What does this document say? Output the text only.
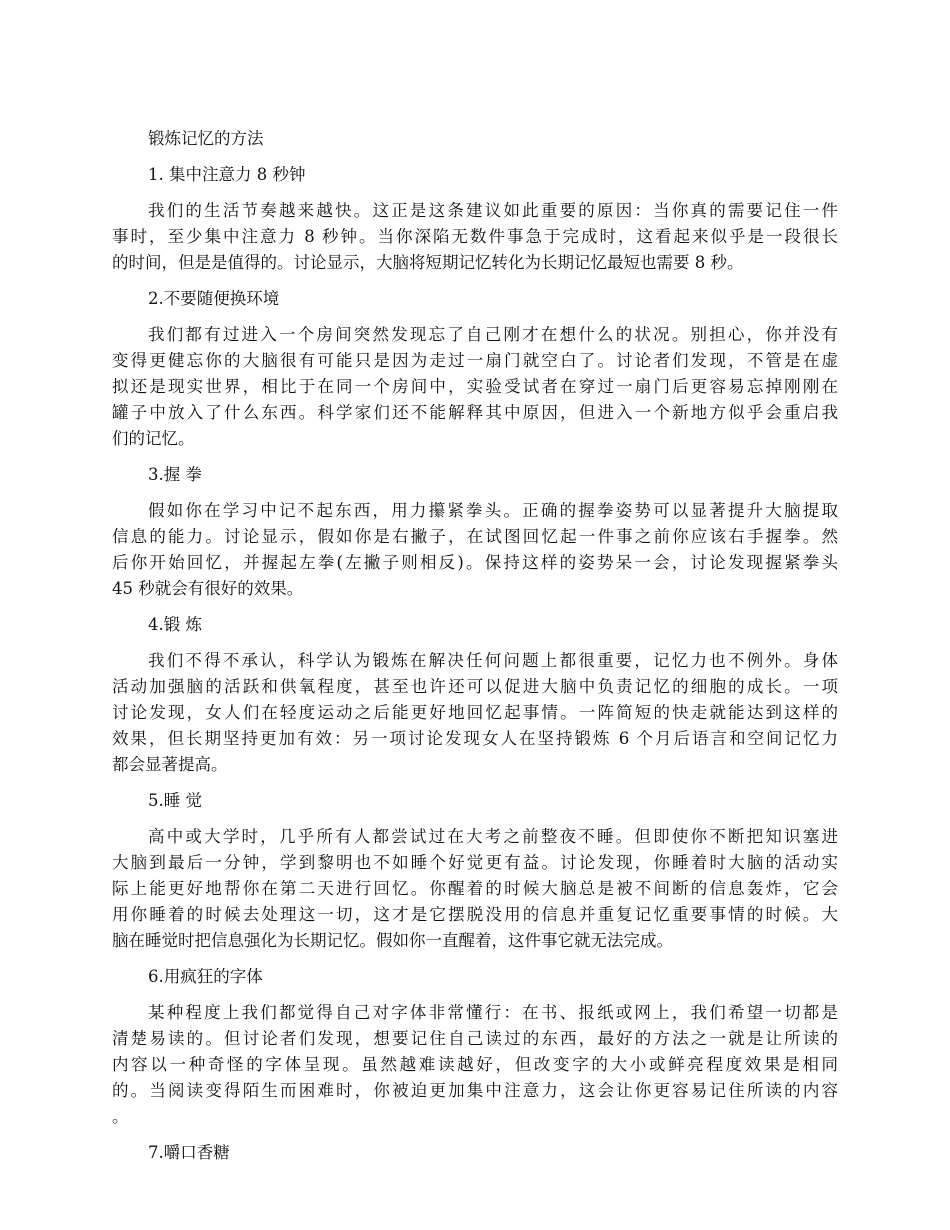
锻炼记忆的方法
1. 集中注意力 8 秒钟
我们的生活节奏越来越快。这正是这条建议如此重要的原因：当你真的需要记住一件
事时，至少集中注意力 8 秒钟。当你深陷无数件事急于完成时，这看起来似乎是一段很长
的时间，但是是值得的。讨论显示，大脑将短期记忆转化为长期记忆最短也需要 8 秒。
2.不要随便换环境
我们都有过进入一个房间突然发现忘了自己刚才在想什么的状况。别担心，你并没有
变得更健忘你的大脑很有可能只是因为走过一扇门就空白了。讨论者们发现，不管是在虚
拟还是现实世界，相比于在同一个房间中，实验受试者在穿过一扇门后更容易忘掉刚刚在
罐子中放入了什么东西。科学家们还不能解释其中原因，但进入一个新地方似乎会重启我
们的记忆。
3.握 拳
假如你在学习中记不起东西，用力攥紧拳头。正确的握拳姿势可以显著提升大脑提取
信息的能力。讨论显示，假如你是右撇子，在试图回忆起一件事之前你应该右手握拳。然
后你开始回忆，并握起左拳(左撇子则相反)。保持这样的姿势呆一会，讨论发现握紧拳头
45 秒就会有很好的效果。
4.锻 炼
我们不得不承认，科学认为锻炼在解决任何问题上都很重要，记忆力也不例外。身体
活动加强脑的活跃和供氧程度，甚至也许还可以促进大脑中负责记忆的细胞的成长。一项
讨论发现，女人们在轻度运动之后能更好地回忆起事情。一阵简短的快走就能达到这样的
效果，但长期坚持更加有效：另一项讨论发现女人在坚持锻炼 6 个月后语言和空间记忆力
都会显著提高。
5.睡 觉
高中或大学时，几乎所有人都尝试过在大考之前整夜不睡。但即使你不断把知识塞进
大脑到最后一分钟，学到黎明也不如睡个好觉更有益。讨论发现，你睡着时大脑的活动实
际上能更好地帮你在第二天进行回忆。你醒着的时候大脑总是被不间断的信息轰炸，它会
用你睡着的时候去处理这一切，这才是它摆脱没用的信息并重复记忆重要事情的时候。大
脑在睡觉时把信息强化为长期记忆。假如你一直醒着，这件事它就无法完成。
6.用疯狂的字体
某种程度上我们都觉得自己对字体非常懂行：在书、报纸或网上，我们希望一切都是
清楚易读的。但讨论者们发现，想要记住自己读过的东西，最好的方法之一就是让所读的
内容以一种奇怪的字体呈现。虽然越难读越好，但改变字的大小或鲜亮程度效果是相同
的。当阅读变得陌生而困难时，你被迫更加集中注意力，这会让你更容易记住所读的内容
。
7.嚼口香糖
